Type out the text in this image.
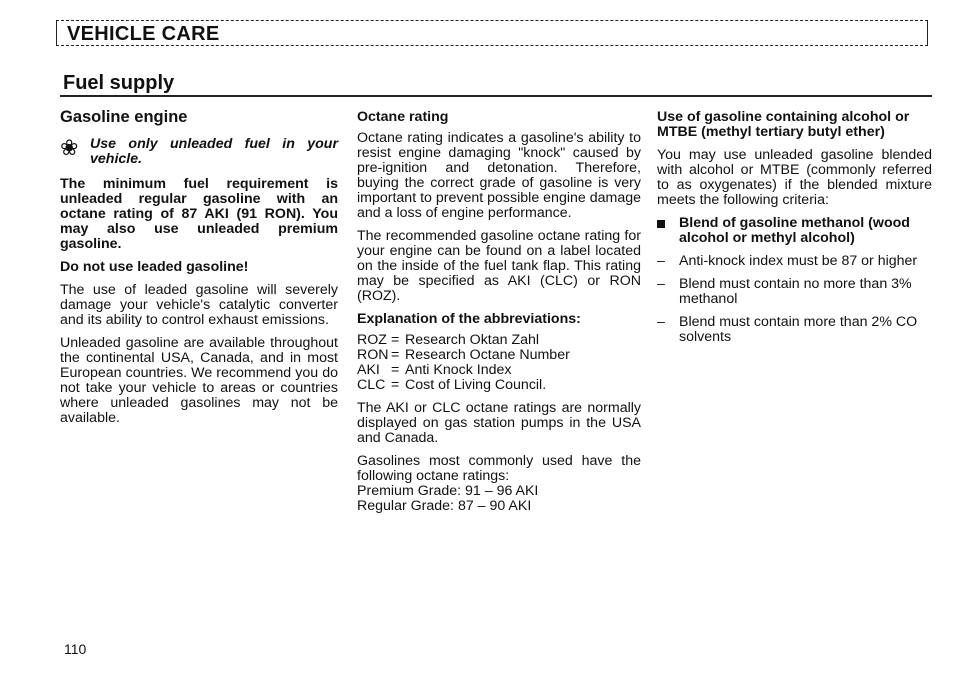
VEHICLE CARE
Fuel supply
Gasoline engine
❀ Use only unleaded fuel in your vehicle.

The minimum fuel requirement is unleaded regular gasoline with an octane rating of 87 AKI (91 RON). You may also use unleaded premium gasoline.

Do not use leaded gasoline!

The use of leaded gasoline will severely damage your vehicle's catalytic converter and its ability to control exhaust emissions.

Unleaded gasoline are available throughout the continental USA, Canada, and in most European countries. We recommend you do not take your vehicle to areas or countries where unleaded gasolines may not be available.

Octane rating

Octane rating indicates a gasoline's ability to resist engine damaging "knock" caused by pre-ignition and detonation. Therefore, buying the correct grade of gasoline is very important to prevent possible engine damage and a loss of engine performance.

The recommended gasoline octane rating for your engine can be found on a label located on the inside of the fuel tank flap. This rating may be specified as AKI (CLC) or RON (ROZ).

Explanation of the abbreviations:
ROZ = Research Oktan Zahl
RON = Research Octane Number
AKI = Anti Knock Index
CLC = Cost of Living Council.

The AKI or CLC octane ratings are normally displayed on gas station pumps in the USA and Canada.

Gasolines most commonly used have the following octane ratings:

Premium Grade: 91 – 96 AKI
Regular Grade: 87 – 90 AKI
Use of gasoline containing alcohol or MTBE (methyl tertiary butyl ether)

You may use unleaded gasoline blended with alcohol or MTBE (commonly referred to as oxygenates) if the blended mixture meets the following criteria:

Blend of gasoline methanol (wood alcohol or methyl alcohol)
– Anti-knock index must be 87 or higher
– Blend must contain no more than 3% methanol
– Blend must contain more than 2% CO solvents
110
